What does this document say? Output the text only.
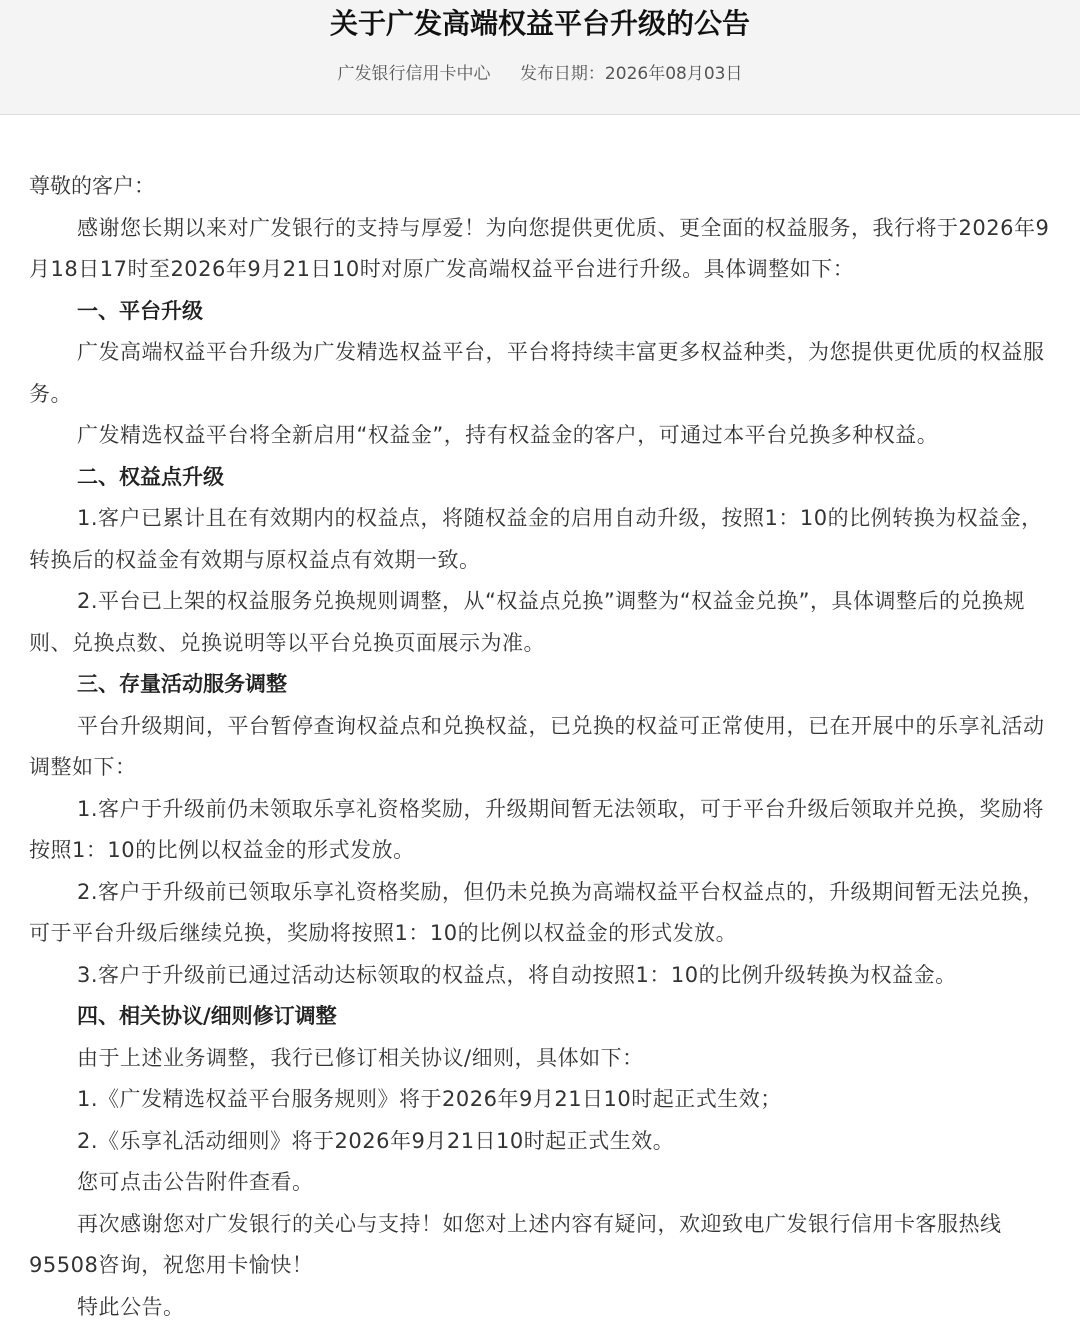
关于广发高端权益平台升级的公告
广发银行信用卡中心 发布日期：2026年08月03日

尊敬的客户：

感谢您长期以来对广发银行的支持与厚爱！为向您提供更优质、更全面的权益服务，我行将于2026年9月18日17时至2026年9月21日10时对原广发高端权益平台进行升级。具体调整如下：

一、平台升级

广发高端权益平台升级为广发精选权益平台，平台将持续丰富更多权益种类，为您提供更优质的权益服务。

广发精选权益平台将全新启用“权益金”，持有权益金的客户，可通过本平台兑换多种权益。

二、权益点升级

1.客户已累计且在有效期内的权益点，将随权益金的启用自动升级，按照1：10的比例转换为权益金，转换后的权益金有效期与原权益点有效期一致。

2.平台已上架的权益服务兑换规则调整，从“权益点兑换”调整为“权益金兑换”，具体调整后的兑换规则、兑换点数、兑换说明等以平台兑换页面展示为准。

三、存量活动服务调整

平台升级期间，平台暂停查询权益点和兑换权益，已兑换的权益可正常使用，已在开展中的乐享礼活动调整如下：

1.客户于升级前仍未领取乐享礼资格奖励，升级期间暂无法领取，可于平台升级后领取并兑换，奖励将按照1：10的比例以权益金的形式发放。

2.客户于升级前已领取乐享礼资格奖励，但仍未兑换为高端权益平台权益点的，升级期间暂无法兑换，可于平台升级后继续兑换，奖励将按照1：10的比例以权益金的形式发放。

3.客户于升级前已通过活动达标领取的权益点，将自动按照1：10的比例升级转换为权益金。

四、相关协议/细则修订调整

由于上述业务调整，我行已修订相关协议/细则，具体如下：

1.《广发精选权益平台服务规则》将于2026年9月21日10时起正式生效；

2.《乐享礼活动细则》将于2026年9月21日10时起正式生效。

您可点击公告附件查看。

再次感谢您对广发银行的关心与支持！如您对上述内容有疑问，欢迎致电广发银行信用卡客服热线95508咨询，祝您用卡愉快！

特此公告。
